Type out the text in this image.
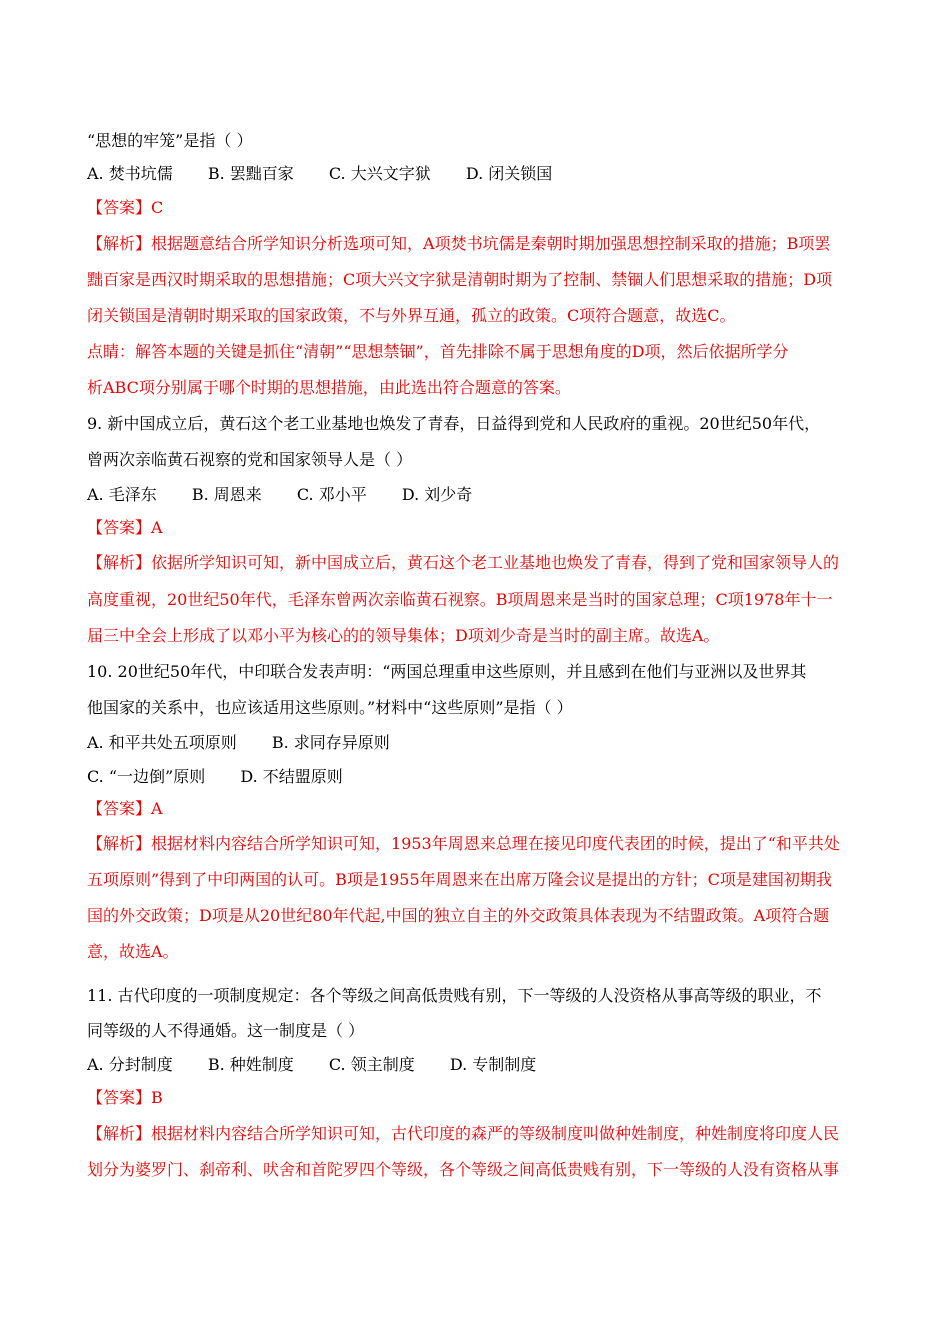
“思想的牢笼”是指（ ）
A. 焚书坑儒 B. 罢黜百家 C. 大兴文字狱 D. 闭关锁国
【答案】C
【解析】根据题意结合所学知识分析选项可知，A项焚书坑儒是秦朝时期加强思想控制采取的措施；B项罢
黜百家是西汉时期采取的思想措施；C项大兴文字狱是清朝时期为了控制、禁锢人们思想采取的措施；D项
闭关锁国是清朝时期采取的国家政策，不与外界互通，孤立的政策。C项符合题意，故选C。
点睛：解答本题的关键是抓住“清朝”“思想禁锢”，首先排除不属于思想角度的D项，然后依据所学分
析ABC项分别属于哪个时期的思想措施，由此选出符合题意的答案。
9. 新中国成立后，黄石这个老工业基地也焕发了青春，日益得到党和人民政府的重视。20世纪50年代，
曾两次亲临黄石视察的党和国家领导人是（ ）
A. 毛泽东 B. 周恩来 C. 邓小平 D. 刘少奇
【答案】A
【解析】依据所学知识可知，新中国成立后，黄石这个老工业基地也焕发了青春，得到了党和国家领导人的
高度重视，20世纪50年代，毛泽东曾两次亲临黄石视察。B项周恩来是当时的国家总理；C项1978年十一
届三中全会上形成了以邓小平为核心的的领导集体；D项刘少奇是当时的副主席。故选A。
10. 20世纪50年代，中印联合发表声明：“两国总理重申这些原则，并且感到在他们与亚洲以及世界其
他国家的关系中，也应该适用这些原则。”材料中“这些原则”是指（ ）
A. 和平共处五项原则 B. 求同存异原则
C. “一边倒”原则 D. 不结盟原则
【答案】A
【解析】根据材料内容结合所学知识可知，1953年周恩来总理在接见印度代表团的时候，提出了“和平共处
五项原则”得到了中印两国的认可。B项是1955年周恩来在出席万隆会议是提出的方针；C项是建国初期我
国的外交政策；D项是从20世纪80年代起,中国的独立自主的外交政策具体表现为不结盟政策。A项符合题
意，故选A。
11. 古代印度的一项制度规定：各个等级之间高低贵贱有别，下一等级的人没资格从事高等级的职业，不
同等级的人不得通婚。这一制度是（ ）
A. 分封制度 B. 种姓制度 C. 领主制度 D. 专制制度
【答案】B
【解析】根据材料内容结合所学知识可知，古代印度的森严的等级制度叫做种姓制度，种姓制度将印度人民
划分为婆罗门、刹帝利、吠舍和首陀罗四个等级，各个等级之间高低贵贱有别，下一等级的人没有资格从事
